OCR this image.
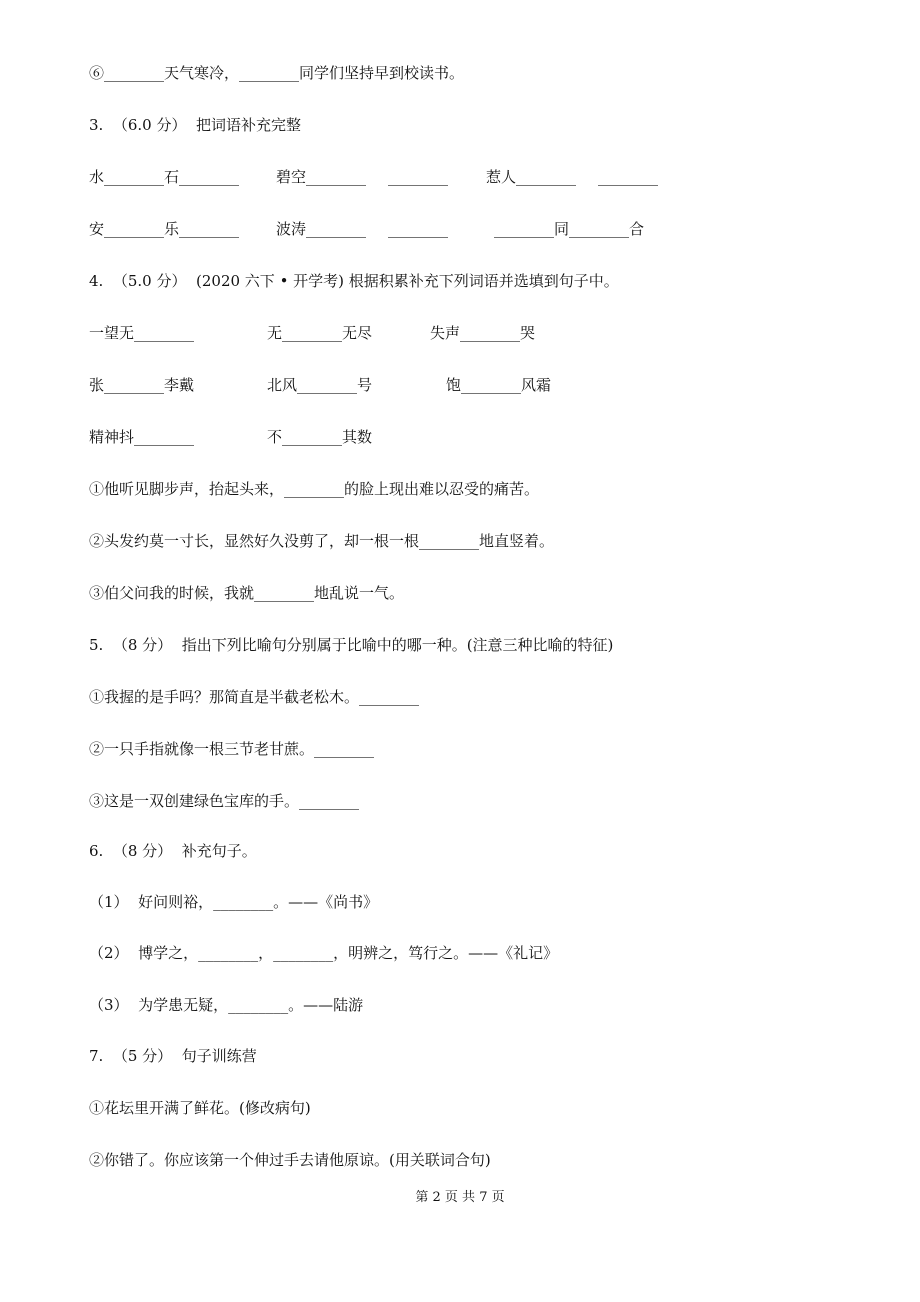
⑥________天气寒冷，________同学们坚持早到校读书。

3.  （6.0 分）  把词语补充完整

水________石________ 碧空________ ________	惹人________ ________
安________乐________ 波涛________ ________	________同________合

4.  （5.0 分）  (2020 六下 • 开学考) 根据积累补充下列词语并选填到句子中。

一望无________	无________无尽	失声________哭
张________李戴	北风________号	饱________风霜
精神抖________	不________其数

①他听见脚步声，抬起头来，________的脸上现出难以忍受的痛苦。

②头发约莫一寸长，显然好久没剪了，却一根一根________地直竖着。

③伯父问我的时候，我就________地乱说一气。

5.  （8 分）  指出下列比喻句分别属于比喻中的哪一种。(注意三种比喻的特征)

①我握的是手吗？那简直是半截老松木。________

②一只手指就像一根三节老甘蔗。________

③这是一双创建绿色宝库的手。________

6.  （8 分）  补充句子。

（1）  好问则裕，________。——《尚书》

（2）  博学之，________，________，明辨之，笃行之。——《礼记》

（3）  为学患无疑，________。——陆游

7.  （5 分）  句子训练营

①花坛里开满了鲜花。(修改病句)

②你错了。你应该第一个伸过手去请他原谅。(用关联词合句)

第 2 页 共 7 页
